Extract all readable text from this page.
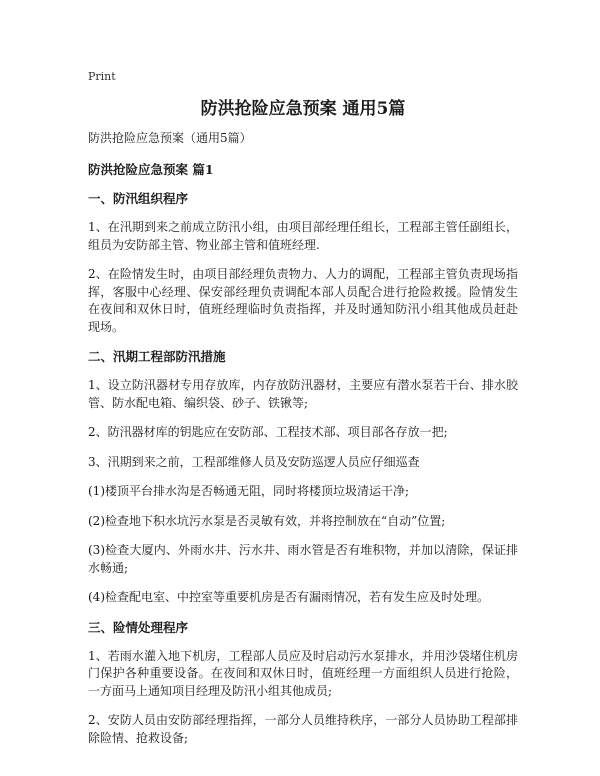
Print
防洪抢险应急预案 通用5篇
防洪抢险应急预案（通用5篇）
防洪抢险应急预案 篇1
一、防汛组织程序
1、在汛期到来之前成立防汛小组，由项目部经理任组长，工程部主管任副组长，组员为安防部主管、物业部主管和值班经理.
2、在险情发生时，由项目部经理负责物力、人力的调配，工程部主管负责现场指挥，客服中心经理、保安部经理负责调配本部人员配合进行抢险救援。险情发生在夜间和双休日时，值班经理临时负责指挥，并及时通知防汛小组其他成员赶赴现场。
二、汛期工程部防汛措施
1、设立防汛器材专用存放库，内存放防汛器材，主要应有潜水泵若干台、排水胶管、防水配电箱、编织袋、砂子、铁锹等;
2、防汛器材库的钥匙应在安防部、工程技术部、项目部各存放一把;
3、汛期到来之前，工程部维修人员及安防巡逻人员应仔细巡查
(1)楼顶平台排水沟是否畅通无阻，同时将楼顶垃圾清运干净;
(2)检查地下积水坑污水泵是否灵敏有效，并将控制放在“自动”位置;
(3)检查大厦内、外雨水井、污水井、雨水管是否有堆积物，并加以清除，保证排水畅通;
(4)检查配电室、中控室等重要机房是否有漏雨情况，若有发生应及时处理。
三、险情处理程序
1、若雨水灌入地下机房，工程部人员应及时启动污水泵排水，并用沙袋堵住机房门保护各种重要设备。在夜间和双休日时，值班经理一方面组织人员进行抢险，一方面马上通知项目经理及防汛小组其他成员;
2、安防人员由安防部经理指挥，一部分人员维持秩序，一部分人员协助工程部排除险情、抢救设备;
